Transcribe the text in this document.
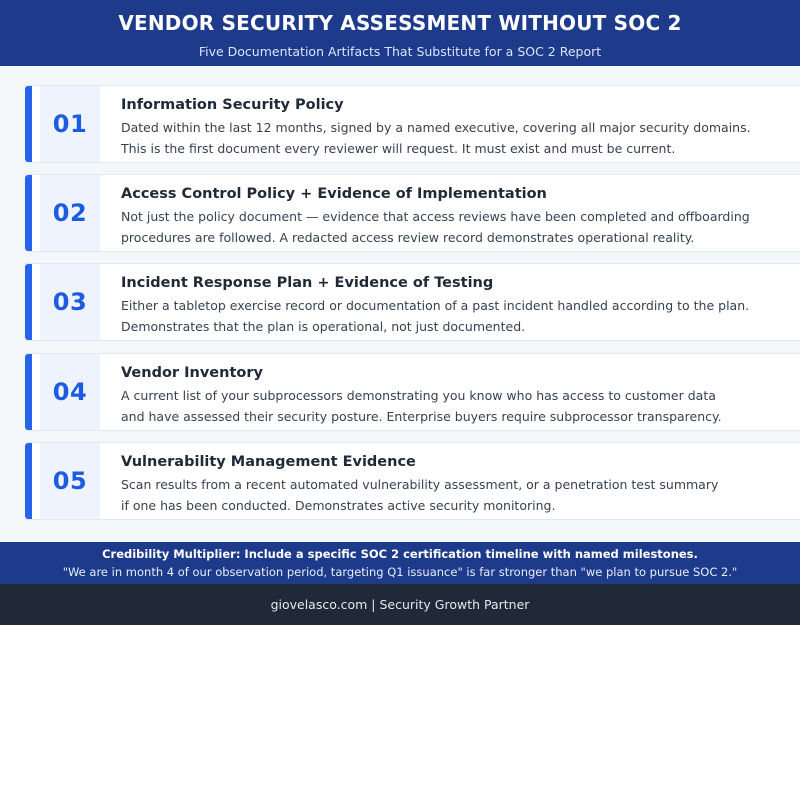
VENDOR SECURITY ASSESSMENT WITHOUT SOC 2
Five Documentation Artifacts That Substitute for a SOC 2 Report
01
Information Security Policy
Dated within the last 12 months, signed by a named executive, covering all major security domains.
This is the first document every reviewer will request. It must exist and must be current.
02
Access Control Policy + Evidence of Implementation
Not just the policy document — evidence that access reviews have been completed and offboarding
procedures are followed. A redacted access review record demonstrates operational reality.
03
Incident Response Plan + Evidence of Testing
Either a tabletop exercise record or documentation of a past incident handled according to the plan.
Demonstrates that the plan is operational, not just documented.
04
Vendor Inventory
A current list of your subprocessors demonstrating you know who has access to customer data
and have assessed their security posture. Enterprise buyers require subprocessor transparency.
05
Vulnerability Management Evidence
Scan results from a recent automated vulnerability assessment, or a penetration test summary
if one has been conducted. Demonstrates active security monitoring.
Credibility Multiplier: Include a specific SOC 2 certification timeline with named milestones.
"We are in month 4 of our observation period, targeting Q1 issuance" is far stronger than "we plan to pursue SOC 2."
giovelasco.com | Security Growth Partner
